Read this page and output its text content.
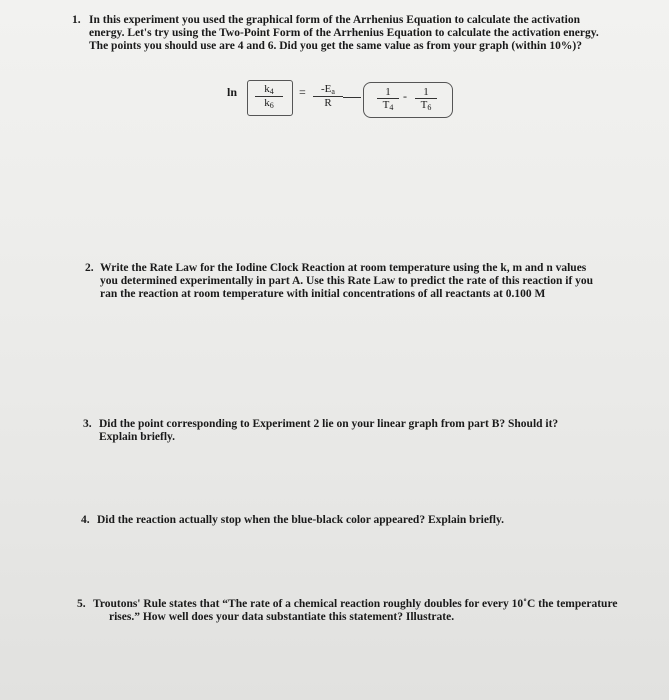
1. In this experiment you used the graphical form of the Arrhenius Equation to calculate the activation
energy. Let's try using the Two-Point Form of the Arrhenius Equation to calculate the activation energy.
The points you should use are 4 and 6. Did you get the same value as from your graph (within 10%)?
$\ln \frac{k_4}{k_6} = \frac{-E_a}{R}$	$\frac{1}{T_4} - \frac{1}{T_6}$
2. Write the Rate Law for the Iodine Clock Reaction at room temperature using the k, m and n values
you determined experimentally in part A. Use this Rate Law to predict the rate of this reaction if you
ran the reaction at room temperature with initial concentrations of all reactants at 0.100 M
3. Did the point corresponding to Experiment 2 lie on your linear graph from part B? Should it?
Explain briefly.
4. Did the reaction actually stop when the blue-black color appeared? Explain briefly.
5. Troutons' Rule states that “The rate of a chemical reaction roughly doubles for every 10˚C the temperature
rises.” How well does your data substantiate this statement? Illustrate.
